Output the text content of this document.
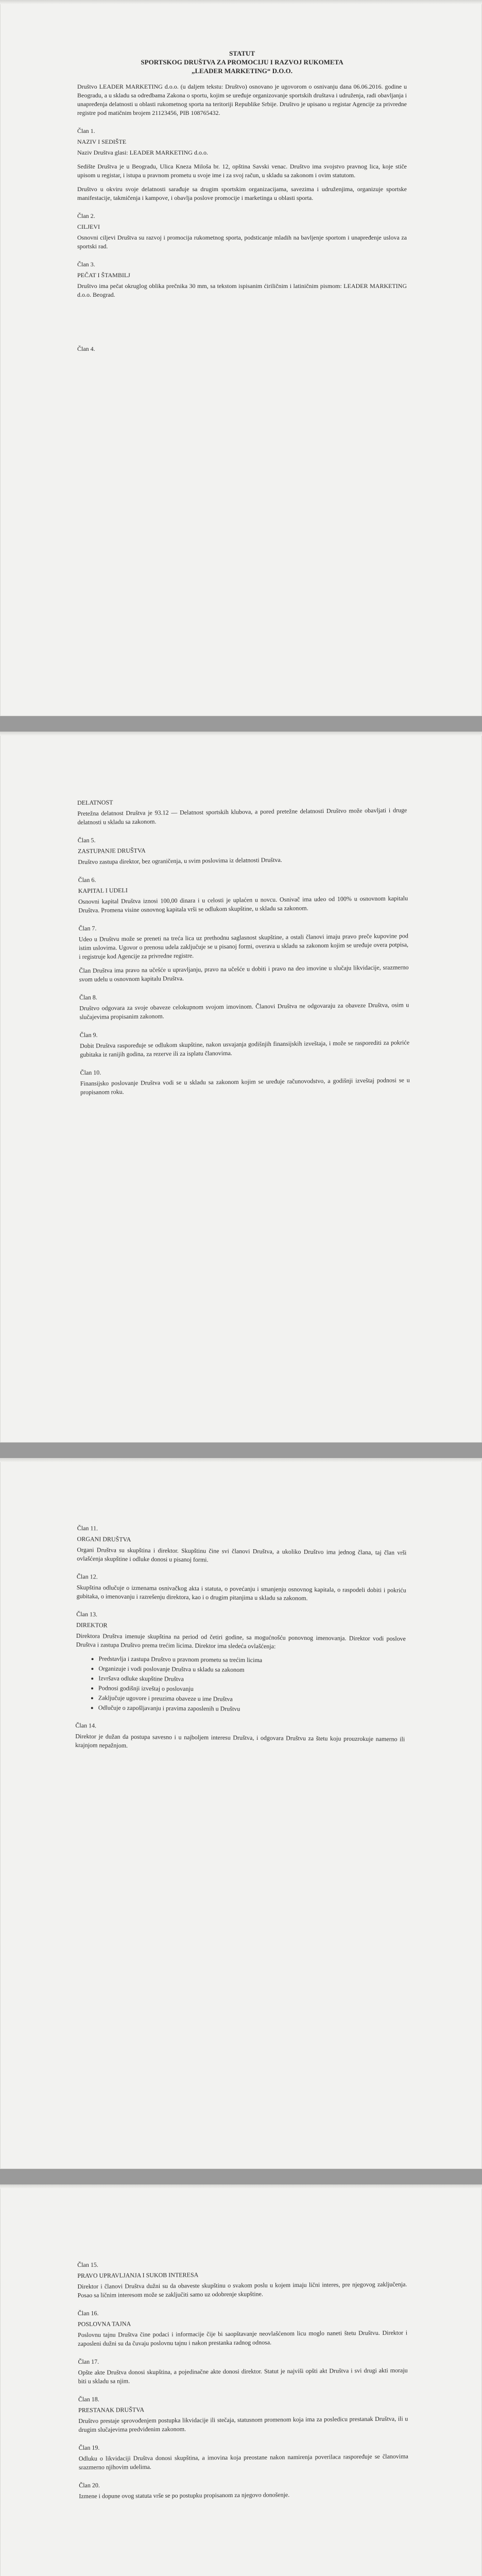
STATUT

SPORTSKOG DRUŠTVA ZA PROMOCIJU I RAZVOJ RUKOMETA

„LEADER MARKETING“ D.O.O.

Društvo LEADER MARKETING d.o.o. (u daljem tekstu: Društvo) osnovano je ugovorom o osnivanju dana 06.06.2016. godine u Beogradu, a u skladu sa odredbama Zakona o sportu, kojim se uređuje organizovanje sportskih društava i udruženja, radi obavljanja i unapređenja delatnosti u oblasti rukometnog sporta na teritoriji Republike Srbije. Društvo je upisano u registar Agencije za privredne registre pod matičnim brojem 21123456, PIB 108765432.

Član 1.

NAZIV I SEDIŠTE

Naziv Društva glasi: LEADER MARKETING d.o.o.

Sedište Društva je u Beogradu, Ulica Kneza Miloša br. 12, opština Savski venac. Društvo ima svojstvo pravnog lica, koje stiče upisom u registar, i istupa u pravnom prometu u svoje ime i za svoj račun, u skladu sa zakonom i ovim statutom.

Društvo u okviru svoje delatnosti sarađuje sa drugim sportskim organizacijama, savezima i udruženjima, organizuje sportske manifestacije, takmičenja i kampove, i obavlja poslove promocije i marketinga u oblasti sporta.

Član 2.

CILJEVI

Osnovni ciljevi Društva su razvoj i promocija rukometnog sporta, podsticanje mladih na bavljenje sportom i unapređenje uslova za sportski rad.

Član 3.

PEČAT I ŠTAMBILJ

Društvo ima pečat okruglog oblika prečnika 30 mm, sa tekstom ispisanim ćiriličnim i latiničnim pismom: LEADER MARKETING d.o.o. Beograd.

Član 4.

DELATNOST

Pretežna delatnost Društva je 93.12 — Delatnost sportskih klubova, a pored pretežne delatnosti Društvo može obavljati i druge delatnosti u skladu sa zakonom.

Član 5.

ZASTUPANJE DRUŠTVA

Društvo zastupa direktor, bez ograničenja, u svim poslovima iz delatnosti Društva.

Član 6.

KAPITAL I UDELI

Osnovni kapital Društva iznosi 100,00 dinara i u celosti je uplaćen u novcu. Osnivač ima udeo od 100% u osnovnom kapitalu Društva. Promena visine osnovnog kapitala vrši se odlukom skupštine, u skladu sa zakonom.

Član 7.

Udeo u Društvu može se preneti na treća lica uz prethodnu saglasnost skupštine, a ostali članovi imaju pravo preče kupovine pod istim uslovima. Ugovor o prenosu udela zaključuje se u pisanoj formi, overava u skladu sa zakonom kojim se uređuje overa potpisa, i registruje kod Agencije za privredne registre.

Član Društva ima pravo na učešće u upravljanju, pravo na učešće u dobiti i pravo na deo imovine u slučaju likvidacije, srazmerno svom udelu u osnovnom kapitalu Društva.

Član 8.

Društvo odgovara za svoje obaveze celokupnom svojom imovinom. Članovi Društva ne odgovaraju za obaveze Društva, osim u slučajevima propisanim zakonom.

Član 9.

Dobit Društva raspoređuje se odlukom skupštine, nakon usvajanja godišnjih finansijskih izveštaja, i može se rasporediti za pokriće gubitaka iz ranijih godina, za rezerve ili za isplatu članovima.

Član 10.

Finansijsko poslovanje Društva vodi se u skladu sa zakonom kojim se uređuje računovodstvo, a godišnji izveštaj podnosi se u propisanom roku.

Član 11.

ORGANI DRUŠTVA

Organi Društva su skupština i direktor. Skupštinu čine svi članovi Društva, a ukoliko Društvo ima jednog člana, taj član vrši ovlašćenja skupštine i odluke donosi u pisanoj formi.

Član 12.

Skupština odlučuje o izmenama osnivačkog akta i statuta, o povećanju i smanjenju osnovnog kapitala, o raspodeli dobiti i pokriću gubitaka, o imenovanju i razrešenju direktora, kao i o drugim pitanjima u skladu sa zakonom.

Član 13.

DIREKTOR

Direktora Društva imenuje skupština na period od četiri godine, sa mogućnošću ponovnog imenovanja. Direktor vodi poslove Društva i zastupa Društvo prema trećim licima. Direktor ima sledeća ovlašćenja:

• Predstavlja i zastupa Društvo u pravnom prometu sa trećim licima
• Organizuje i vodi poslovanje Društva u skladu sa zakonom
• Izvršava odluke skupštine Društva
• Podnosi godišnji izveštaj o poslovanju
• Zaključuje ugovore i preuzima obaveze u ime Društva
• Odlučuje o zapošljavanju i pravima zaposlenih u Društvu

Član 14.

Direktor je dužan da postupa savesno i u najboljem interesu Društva, i odgovara Društvu za štetu koju prouzrokuje namerno ili krajnjom nepažnjom.

Član 15.

PRAVO UPRAVLJANJA I SUKOB INTERESA

Direktor i članovi Društva dužni su da obaveste skupštinu o svakom poslu u kojem imaju lični interes, pre njegovog zaključenja. Posao sa ličnim interesom može se zaključiti samo uz odobrenje skupštine.

Član 16.

POSLOVNA TAJNA

Poslovnu tajnu Društva čine podaci i informacije čije bi saopštavanje neovlašćenom licu moglo naneti štetu Društvu. Direktor i zaposleni dužni su da čuvaju poslovnu tajnu i nakon prestanka radnog odnosa.

Član 17.

Opšte akte Društva donosi skupština, a pojedinačne akte donosi direktor. Statut je najviši opšti akt Društva i svi drugi akti moraju biti u skladu sa njim.

Član 18.

PRESTANAK DRUŠTVA

Društvo prestaje sprovođenjem postupka likvidacije ili stečaja, statusnom promenom koja ima za posledicu prestanak Društva, ili u drugim slučajevima predviđenim zakonom.

Član 19.

Odluku o likvidaciji Društva donosi skupština, a imovina koja preostane nakon namirenja poverilaca raspoređuje se članovima srazmerno njihovim udelima.

Član 20.

Izmene i dopune ovog statuta vrše se po postupku propisanom za njegovo donošenje.
